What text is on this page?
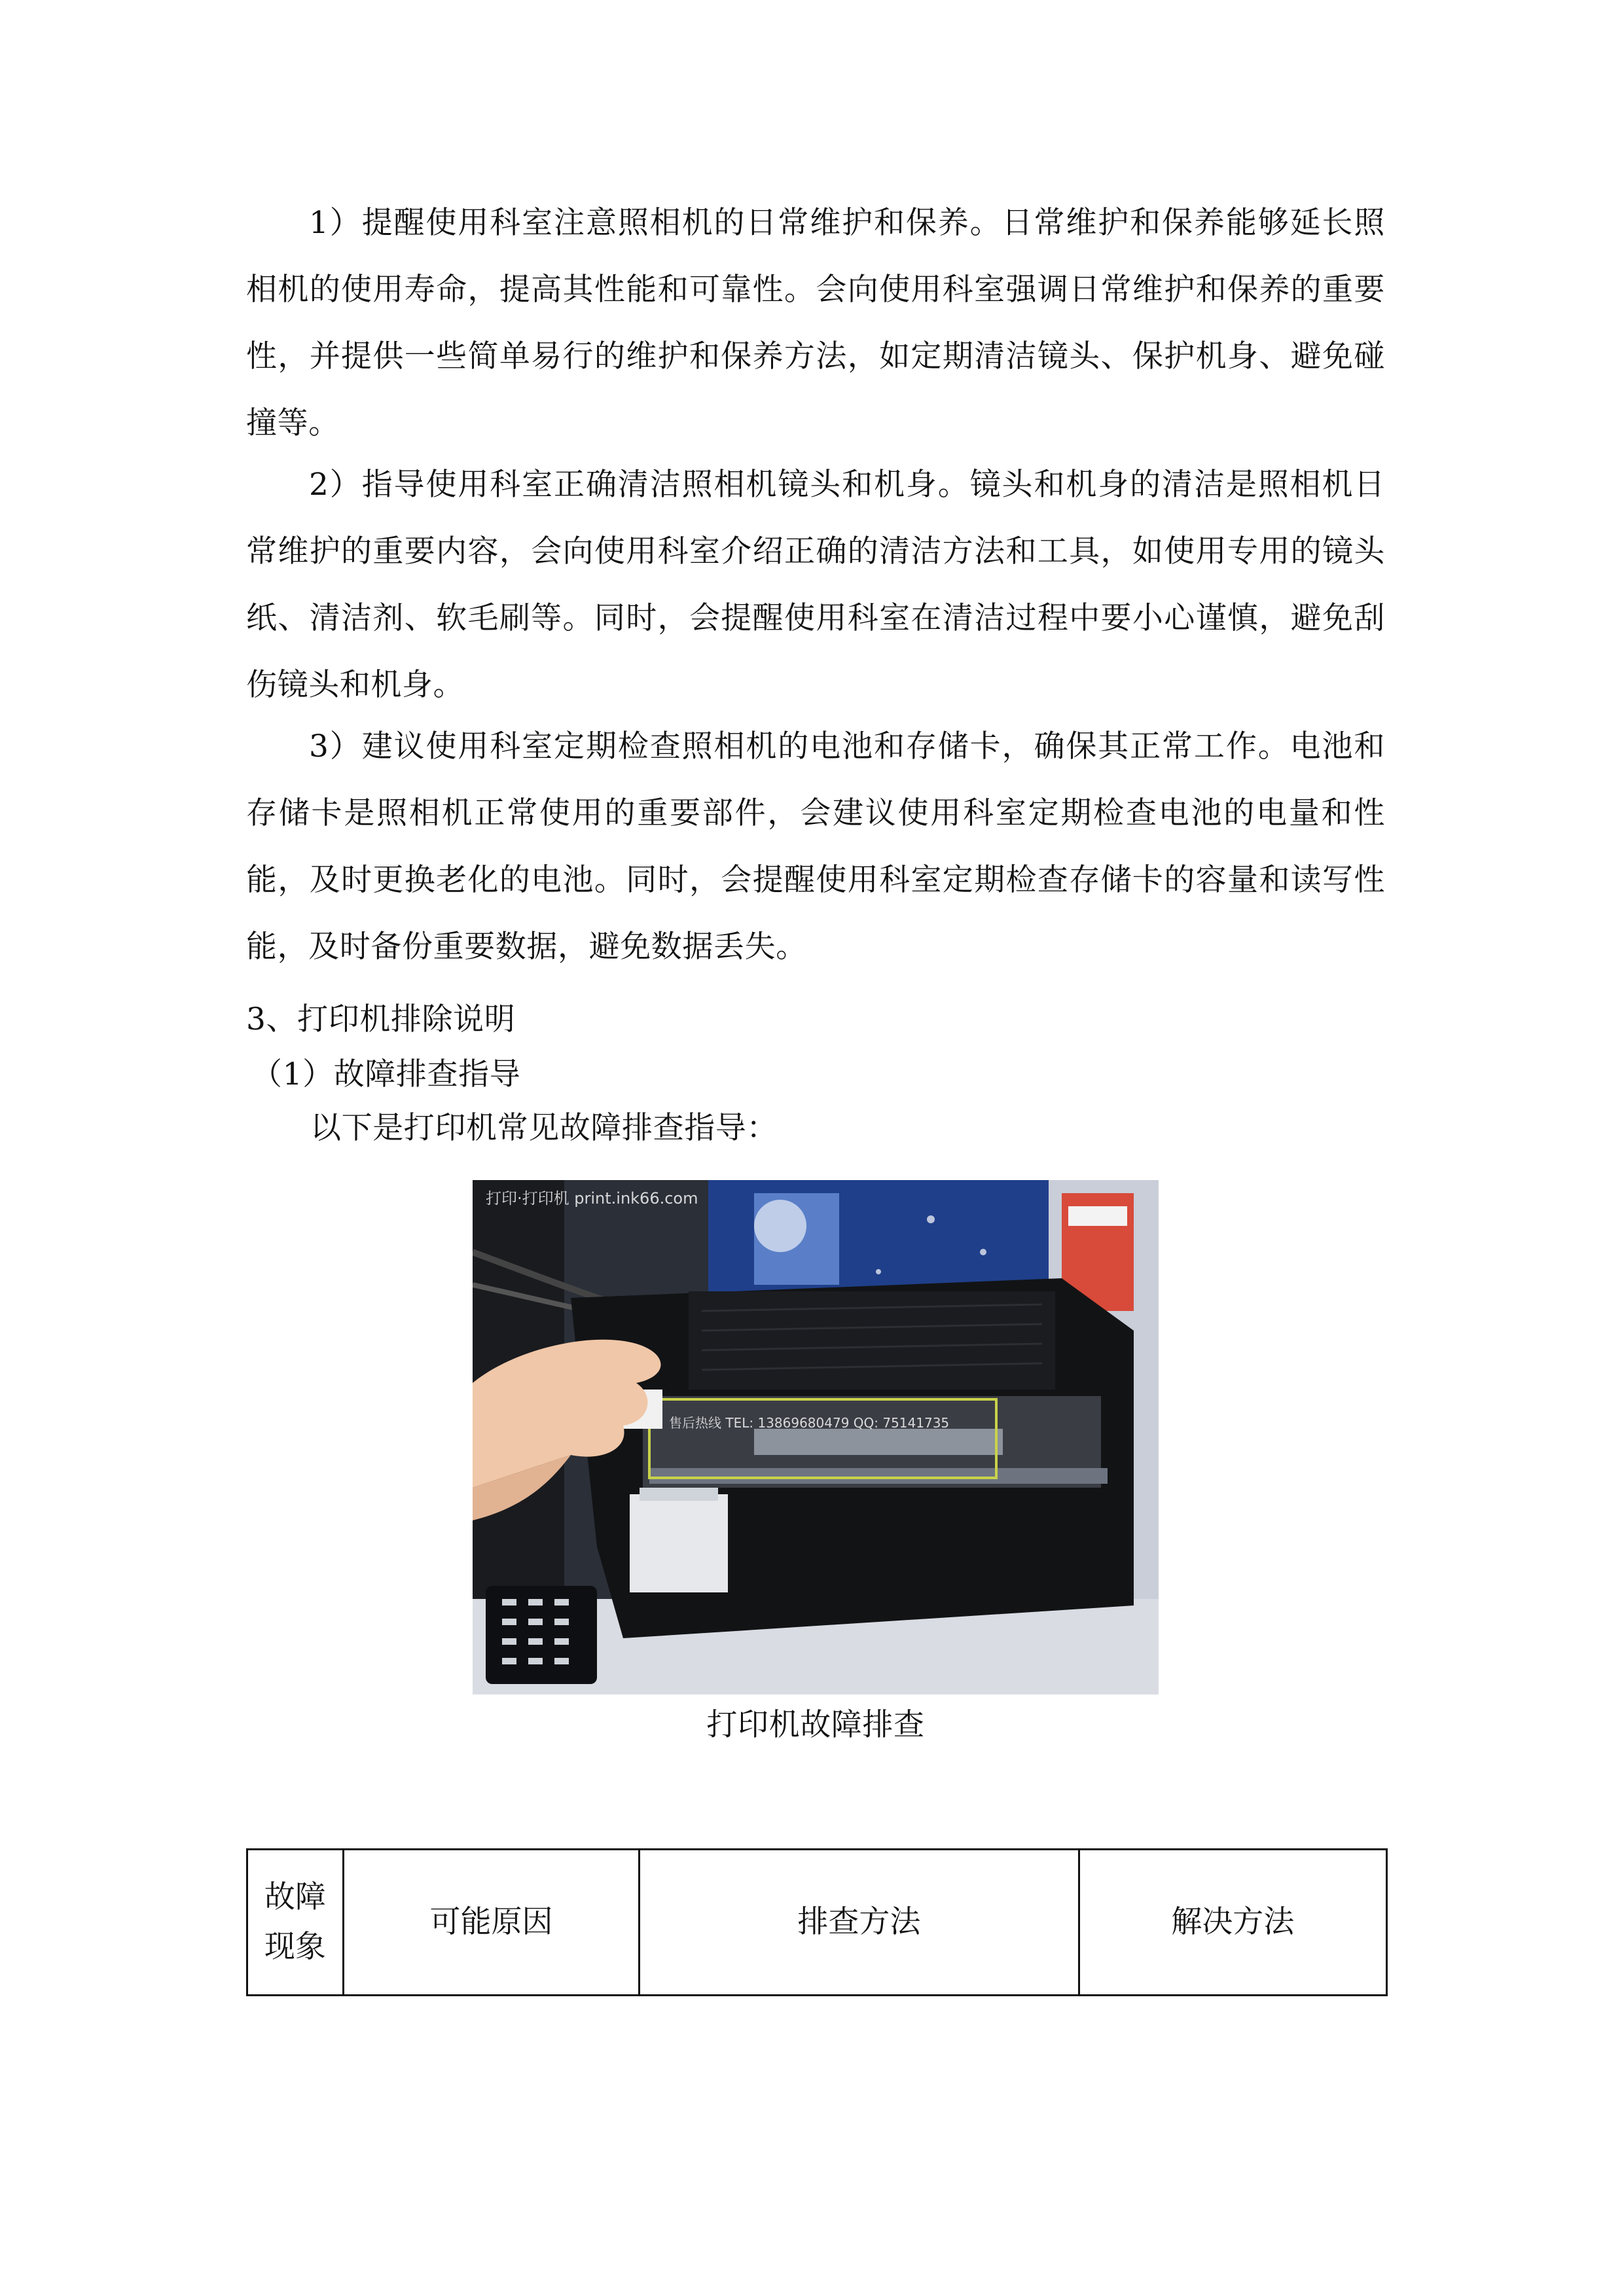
1）提醒使用科室注意照相机的日常维护和保养。日常维护和保养能够延长照相机的使用寿命，提高其性能和可靠性。会向使用科室强调日常维护和保养的重要性，并提供一些简单易行的维护和保养方法，如定期清洁镜头、保护机身、避免碰撞等。

2）指导使用科室正确清洁照相机镜头和机身。镜头和机身的清洁是照相机日常维护的重要内容，会向使用科室介绍正确的清洁方法和工具，如使用专用的镜头纸、清洁剂、软毛刷等。同时，会提醒使用科室在清洁过程中要小心谨慎，避免刮伤镜头和机身。

3）建议使用科室定期检查照相机的电池和存储卡，确保其正常工作。电池和存储卡是照相机正常使用的重要部件，会建议使用科室定期检查电池的电量和性能，及时更换老化的电池。同时，会提醒使用科室定期检查存储卡的容量和读写性能，及时备份重要数据，避免数据丢失。

3、打印机排除说明

（1）故障排查指导

以下是打印机常见故障排查指导：

打印·打印机 print.ink66.com
售后热线 TEL: 13869680479 QQ: 75141735

打印机故障排查

故障现象	可能原因	排查方法	解决方法
